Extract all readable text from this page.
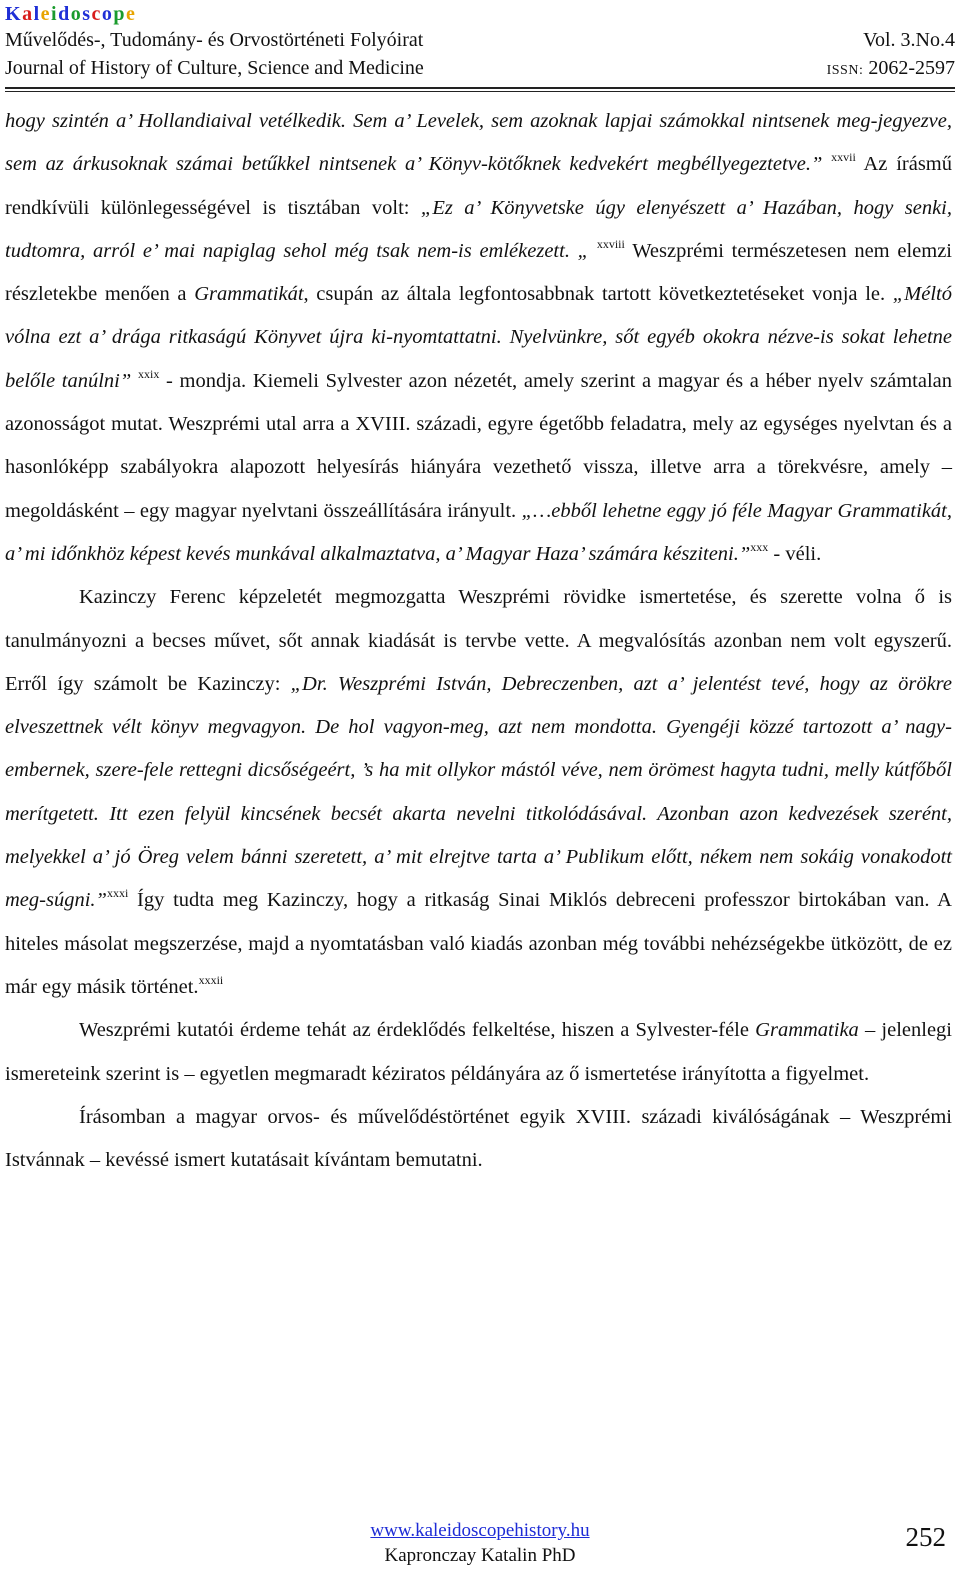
Kaleidoscope
Művelődés-, Tudomány- és Orvostörténeti Folyóirat	Vol. 3.No.4
Journal of History of Culture, Science and Medicine	ISSN: 2062-2597

hogy szintén a’ Hollandiaival vetélkedik. Sem a’ Levelek, sem azoknak lapjai számokkal nintsenek meg-jegyezve, sem az árkusoknak számai betűkkel nintsenek a’ Könyv-kötőknek kedvekért megbéllyegeztetve.” $^{xxvii}$ Az írásmű rendkívüli különlegességével is tisztában volt: „Ez a’ Könyvetske úgy elenyészett a’ Hazában, hogy senki, tudtomra, arról e’ mai napiglag sehol még tsak nem-is emlékezett. „ $^{xxviii}$ Weszprémi természetesen nem elemzi részletekbe menően a Grammatikát, csupán az általa legfontosabbnak tartott következtetéseket vonja le. „Méltó vólna ezt a’ drága ritkaságú Könyvet újra ki-nyomtattatni. Nyelvünkre, sőt egyéb okokra nézve-is sokat lehetne belőle tanúlni” $^{xxix}$ - mondja. Kiemeli Sylvester azon nézetét, amely szerint a magyar és a héber nyelv számtalan azonosságot mutat. Weszprémi utal arra a XVIII. századi, egyre égetőbb feladatra, mely az egységes nyelvtan és a hasonlóképp szabályokra alapozott helyesírás hiányára vezethető vissza, illetve arra a törekvésre, amely – megoldásként – egy magyar nyelvtani összeállítására irányult. „…ebből lehetne eggy jó féle Magyar Grammatikát, a’ mi időnkhöz képest kevés munkával alkalmaztatva, a’ Magyar Haza’ számára késziteni.”$^{xxx}$ - véli.

Kazinczy Ferenc képzeletét megmozgatta Weszprémi rövidke ismertetése, és szerette volna ő is tanulmányozni a becses művet, sőt annak kiadását is tervbe vette. A megvalósítás azonban nem volt egyszerű. Erről így számolt be Kazinczy: „Dr. Weszprémi István, Debreczenben, azt a’ jelentést tevé, hogy az örökre elveszettnek vélt könyv megvagyon. De hol vagyon-meg, azt nem mondotta. Gyengéji közzé tartozott a’ nagy-embernek, szere-fele rettegni dicsőségeért, ’s ha mit ollykor mástól véve, nem örömest hagyta tudni, melly kútfőből merítgetett. Itt ezen felyül kincsének becsét akarta nevelni titkolódásával. Azonban azon kedvezések szerént, melyekkel a’ jó Öreg velem bánni szeretett, a’ mit elrejtve tarta a’ Publikum előtt, nékem nem sokáig vonakodott meg-súgni.”$^{xxxi}$ Így tudta meg Kazinczy, hogy a ritkaság Sinai Miklós debreceni professzor birtokában van. A hiteles másolat megszerzése, majd a nyomtatásban való kiadás azonban még további nehézségekbe ütközött, de ez már egy másik történet.$^{xxxii}$

Weszprémi kutatói érdeme tehát az érdeklődés felkeltése, hiszen a Sylvester-féle Grammatika – jelenlegi ismereteink szerint is – egyetlen megmaradt kéziratos példányára az ő ismertetése irányította a figyelmet.

Írásomban a magyar orvos- és művelődéstörténet egyik XVIII. századi kiválóságának – Weszprémi Istvánnak – kevéssé ismert kutatásait kívántam bemutatni.

www.kaleidoscopehistory.hu
Kapronczay Katalin PhD
252
